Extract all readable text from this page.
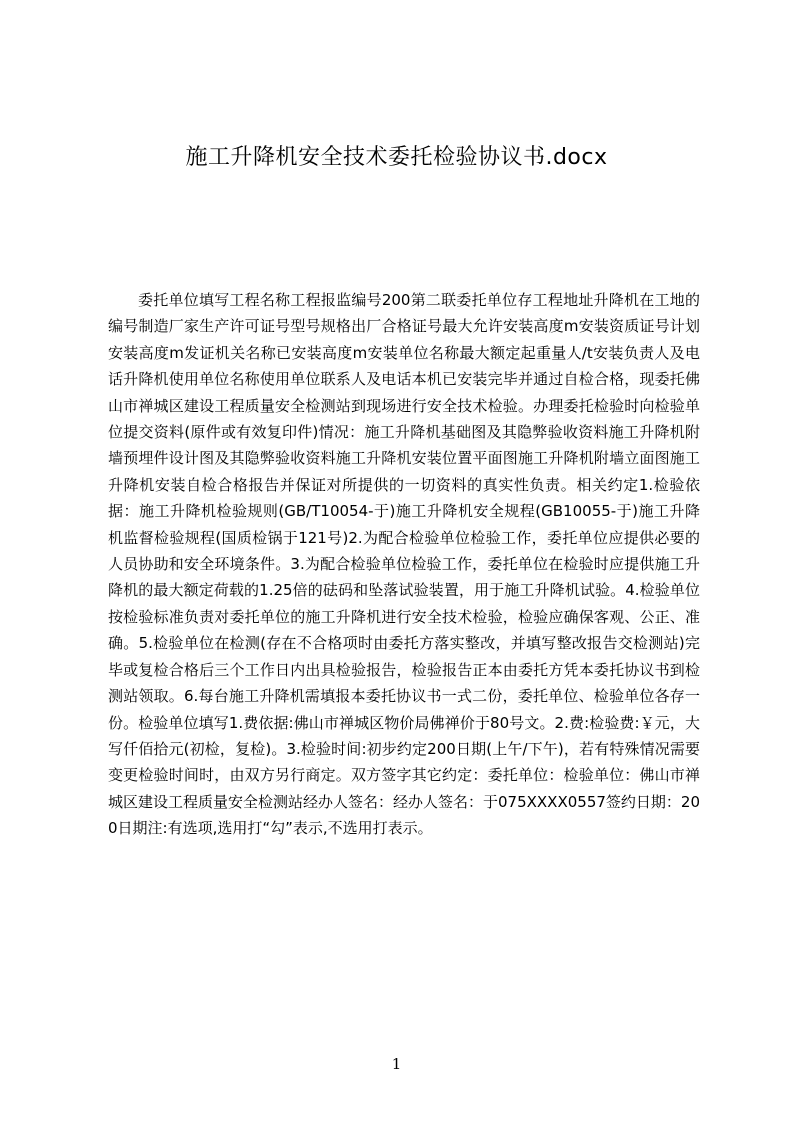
施工升降机安全技术委托检验协议书.docx

委托单位填写工程名称工程报监编号200第二联委托单位存工程地址升降机在工地的编号制造厂家生产许可证号型号规格出厂合格证号最大允许安装高度m安装资质证号计划安装高度m发证机关名称已安装高度m安装单位名称最大额定起重量人/t安装负责人及电话升降机使用单位名称使用单位联系人及电话本机已安装完毕并通过自检合格，现委托佛山市禅城区建设工程质量安全检测站到现场进行安全技术检验。办理委托检验时向检验单位提交资料(原件或有效复印件)情况：施工升降机基础图及其隐弊验收资料施工升降机附墙预埋件设计图及其隐弊验收资料施工升降机安装位置平面图施工升降机附墙立面图施工升降机安装自检合格报告并保证对所提供的一切资料的真实性负责。相关约定1.检验依据：施工升降机检验规则(GB/T10054-于)施工升降机安全规程(GB10055-于)施工升降机监督检验规程(国质检锅于121号)2.为配合检验单位检验工作，委托单位应提供必要的人员协助和安全环境条件。3.为配合检验单位检验工作，委托单位在检验时应提供施工升降机的最大额定荷载的1.25倍的砝码和坠落试验装置，用于施工升降机试验。4.检验单位按检验标准负责对委托单位的施工升降机进行安全技术检验，检验应确保客观、公正、准确。5.检验单位在检测(存在不合格项时由委托方落实整改，并填写整改报告交检测站)完毕或复检合格后三个工作日内出具检验报告，检验报告正本由委托方凭本委托协议书到检测站领取。6.每台施工升降机需填报本委托协议书一式二份，委托单位、检验单位各存一份。检验单位填写1.费依据:佛山市禅城区物价局佛禅价于80号文。2.费:检验费:￥元，大写仟佰拾元(初检，复检)。3.检验时间:初步约定200日期(上午/下午)，若有特殊情况需要变更检验时间时，由双方另行商定。双方签字其它约定：委托单位：检验单位：佛山市禅城区建设工程质量安全检测站经办人签名：经办人签名：于075XXXX0557签约日期：200日期注:有选项,选用打“勾”表示,不选用打表示。

1
